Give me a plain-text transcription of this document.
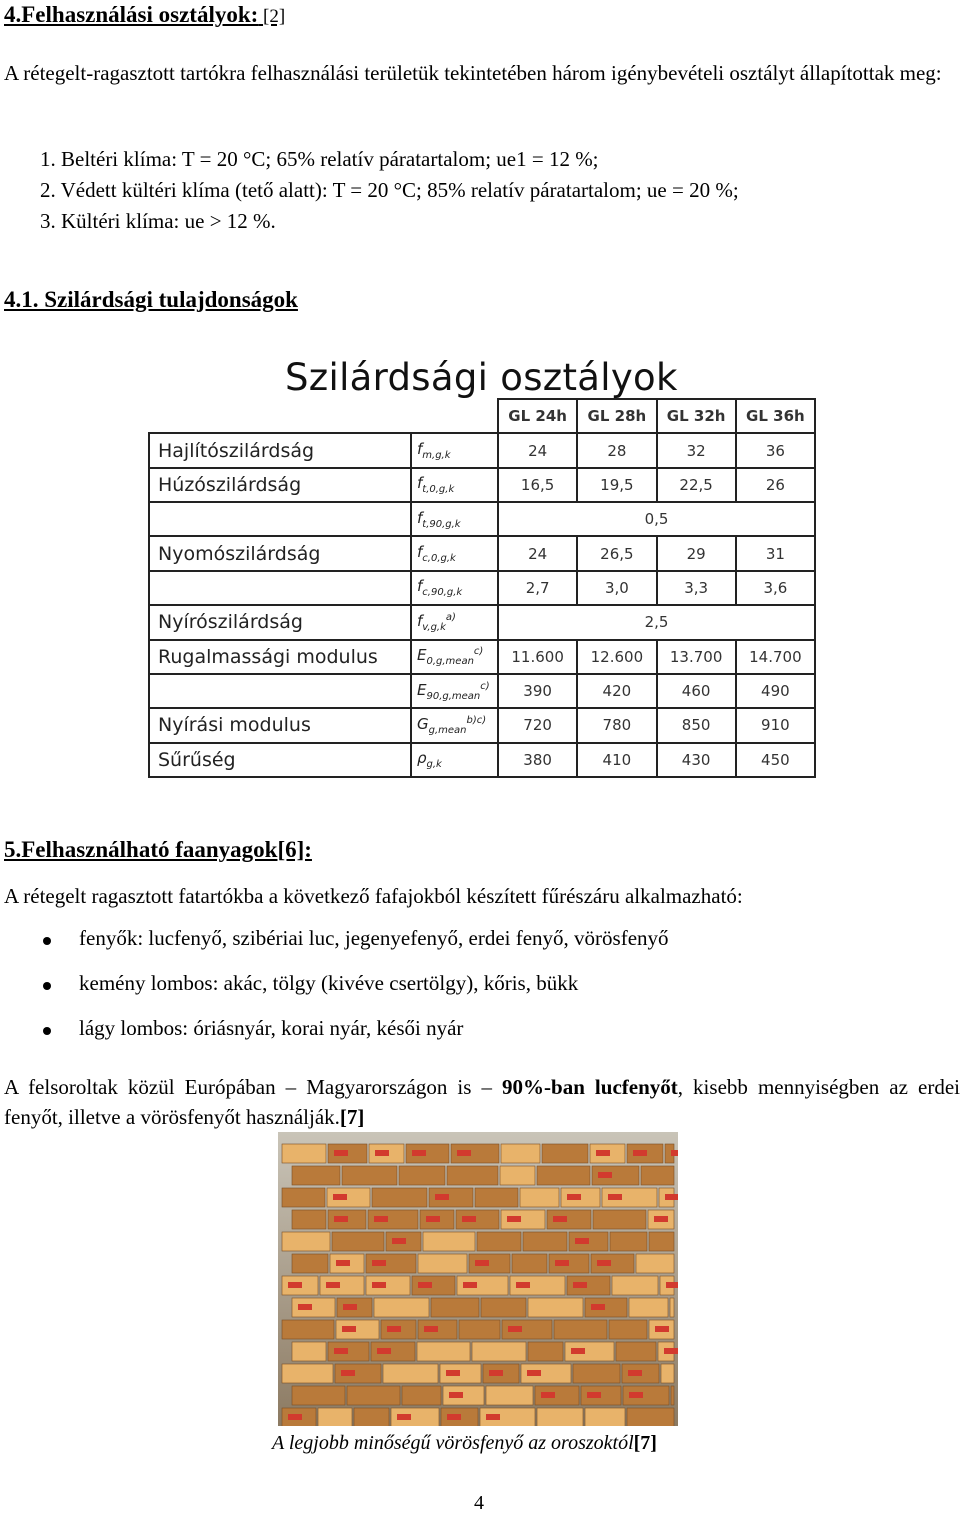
4.Felhasználási osztályok: [2]
A rétegelt-ragasztott tartókra felhasználási területük tekintetében három igénybevételi osztályt állapítottak meg:
1. Beltéri klíma: T = 20 °C; 65% relatív páratartalom; ue1 = 12 %;
2. Védett kültéri klíma (tető alatt): T = 20 °C; 85% relatív páratartalom; ue = 20 %;
3. Kültéri klíma: ue > 12 %.
4.1. Szilárdsági tulajdonságok
Szilárdsági osztályok
		GL 24h	GL 28h	GL 32h	GL 36h
Hajlítószilárdság	$f_{m,g,k}$	24	28	32	36
Húzószilárdság	$f_{t,0,g,k}$	16,5	19,5	22,5	26
	$f_{t,90,g,k}$	0,5			
Nyomószilárdság	$f_{c,0,g,k}$	24	26,5	29	31
	$f_{c,90,g,k}$	2,7	3,0	3,3	3,6
Nyírószilárdság	$f_{v,g,k}^{a)}$	2,5			
Rugalmassági modulus	$E_{0,g,mean}^{c)}$	11.600	12.600	13.700	14.700
	$E_{90,g,mean}^{c)}$	390	420	460	490
Nyírási modulus	$G_{g,mean}^{b)c)}$	720	780	850	910
Sűrűség	$\rho_{g,k}$	380	410	430	450
5.Felhasználható faanyagok[6]:
A rétegelt ragasztott fatartókba a következő fafajokból készített fűrészáru alkalmazható:
fenyők: lucfenyő, szibériai luc, jegenyefenyő, erdei fenyő, vörösfenyő
kemény lombos: akác, tölgy (kivéve csertölgy), kőris, bükk
lágy lombos: óriásnyár, korai nyár, késői nyár
A felsoroltak közül Európában – Magyarországon is – 90%-ban lucfenyőt, kisebb mennyiségben az erdei fenyőt, illetve a vörösfenyőt használják.[7]
A legjobb minőségű vörösfenyő az oroszoktól[7]
4
